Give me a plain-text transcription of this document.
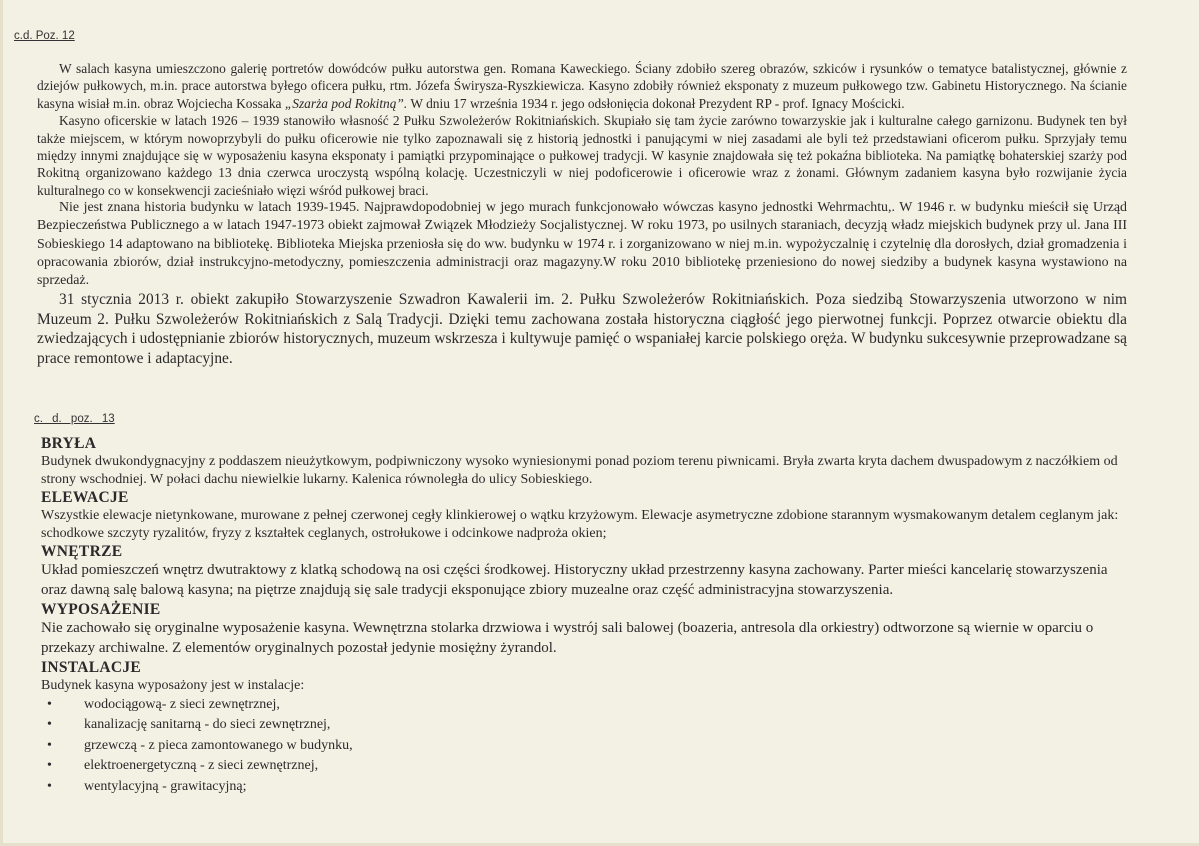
c.d. Poz. 12

W salach kasyna umieszczono galerię portretów dowódców pułku autorstwa gen. Romana Kaweckiego. Ściany zdobiło szereg obrazów, szkiców i rysunków o tematyce batalistycznej, głównie z dziejów pułkowych, m.in. prace autorstwa byłego oficera pułku, rtm. Józefa Świrysza-Ryszkiewicza. Kasyno zdobiły również eksponaty z muzeum pułkowego tzw. Gabinetu Historycznego. Na ścianie kasyna wisiał m.in. obraz Wojciecha Kossaka „Szarża pod Rokitną”. W dniu 17 września 1934 r. jego odsłonięcia dokonał Prezydent RP - prof. Ignacy Mościcki.

Kasyno oficerskie w latach 1926 – 1939 stanowiło własność 2 Pułku Szwoleżerów Rokitniańskich. Skupiało się tam życie zarówno towarzyskie jak i kulturalne całego garnizonu. Budynek ten był także miejscem, w którym nowoprzybyli do pułku oficerowie nie tylko zapoznawali się z historią jednostki i panującymi w niej zasadami ale byli też przedstawiani oficerom pułku. Sprzyjały temu między innymi znajdujące się w wyposażeniu kasyna eksponaty i pamiątki przypominające o pułkowej tradycji. W kasynie znajdowała się też pokaźna biblioteka. Na pamiątkę bohaterskiej szarży pod Rokitną organizowano każdego 13 dnia czerwca uroczystą wspólną kolację. Uczestniczyli w niej podoficerowie i oficerowie wraz z żonami. Głównym zadaniem kasyna było rozwijanie życia kulturalnego co w konsekwencji zacieśniało więzi wśród pułkowej braci.

Nie jest znana historia budynku w latach 1939-1945. Najprawdopodobniej w jego murach funkcjonowało wówczas kasyno jednostki Wehrmachtu,. W 1946 r. w budynku mieścił się Urząd Bezpieczeństwa Publicznego a w latach 1947-1973 obiekt zajmował Związek Młodzieży Socjalistycznej. W roku 1973, po usilnych staraniach, decyzją władz miejskich budynek przy ul. Jana III Sobieskiego 14 adaptowano na bibliotekę. Biblioteka Miejska przeniosła się do ww. budynku w 1974 r. i zorganizowano w niej m.in. wypożyczalnię i czytelnię dla dorosłych, dział gromadzenia i opracowania zbiorów, dział instrukcyjno-metodyczny, pomieszczenia administracji oraz magazyny.W roku 2010 bibliotekę przeniesiono do nowej siedziby a budynek kasyna wystawiono na sprzedaż.

31 stycznia 2013 r. obiekt zakupiło Stowarzyszenie Szwadron Kawalerii im. 2. Pułku Szwoleżerów Rokitniańskich. Poza siedzibą Stowarzyszenia utworzono w nim Muzeum 2. Pułku Szwoleżerów Rokitniańskich z Salą Tradycji. Dzięki temu zachowana została historyczna ciągłość jego pierwotnej funkcji. Poprzez otwarcie obiektu dla zwiedzających i udostępnianie zbiorów historycznych, muzeum wskrzesza i kultywuje pamięć o wspaniałej karcie polskiego oręża. W budynku sukcesywnie przeprowadzane są prace remontowe i adaptacyjne.

c. d. poz. 13
BRYŁA

Budynek dwukondygnacyjny z poddaszem nieużytkowym, podpiwniczony wysoko wyniesionymi ponad poziom terenu piwnicami. Bryła zwarta kryta dachem dwuspadowym z naczółkiem od strony wschodniej. W połaci dachu niewielkie lukarny. Kalenica równoległa do ulicy Sobieskiego.

ELEWACJE

Wszystkie elewacje nietynkowane, murowane z pełnej czerwonej cegły klinkierowej o wątku krzyżowym. Elewacje asymetryczne zdobione starannym wysmakowanym detalem ceglanym jak: schodkowe szczyty ryzalitów, fryzy z kształtek ceglanych, ostrołukowe i odcinkowe nadproża okien;

WNĘTRZE

Układ pomieszczeń wnętrz dwutraktowy z klatką schodową na osi części środkowej. Historyczny układ przestrzenny kasyna zachowany. Parter mieści kancelarię stowarzyszenia oraz dawną salę balową kasyna; na piętrze znajdują się sale tradycji eksponujące zbiory muzealne oraz część administracyjna stowarzyszenia.

WYPOSAŻENIE

Nie zachowało się oryginalne wyposażenie kasyna. Wewnętrzna stolarka drzwiowa i wystrój sali balowej (boazeria, antresola dla orkiestry) odtworzone są wiernie w oparciu o przekazy archiwalne. Z elementów oryginalnych pozostał jedynie mosiężny żyrandol.

INSTALACJE

Budynek kasyna wyposażony jest w instalacje:

• wodociągową- z sieci zewnętrznej,
• kanalizację sanitarną - do sieci zewnętrznej,
• grzewczą - z pieca zamontowanego w budynku,
• elektroenergetyczną - z sieci zewnętrznej,
• wentylacyjną - grawitacyjną;
